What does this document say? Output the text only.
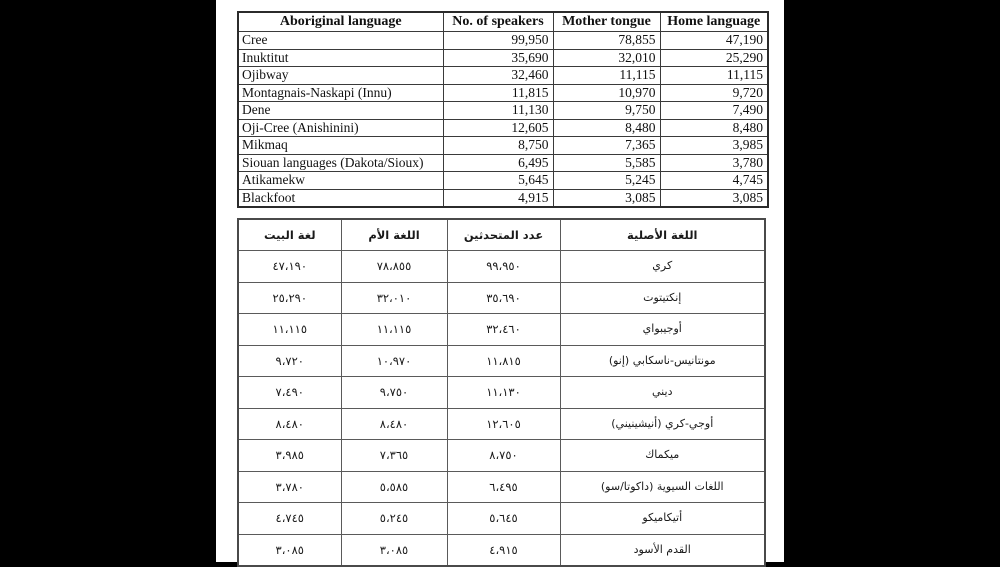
Aboriginal language	No. of speakers	Mother tongue	Home language
Cree	99,950	78,855	47,190
Inuktitut	35,690	32,010	25,290
Ojibway	32,460	11,115	11,115
Montagnais-Naskapi (Innu)	11,815	10,970	9,720
Dene	11,130	9,750	7,490
Oji-Cree (Anishinini)	12,605	8,480	8,480
Mikmaq	8,750	7,365	3,985
Siouan languages (Dakota/Sioux)	6,495	5,585	3,780
Atikamekw	5,645	5,245	4,745
Blackfoot	4,915	3,085	3,085
اللغة الأصلية	عدد المتحدثين	اللغة الأم	لغة البيت
كري	٩٩،٩٥٠	٧٨،٨٥٥	٤٧،١٩٠
إنكتيتوت	٣٥،٦٩٠	٣٢،٠١٠	٢٥،٢٩٠
أوجيبواي	٣٢،٤٦٠	١١،١١٥	١١،١١٥
مونتانيس-ناسكابي (إنو)	١١،٨١٥	١٠،٩٧٠	٩،٧٢٠
ديني	١١،١٣٠	٩،٧٥٠	٧،٤٩٠
أوجي-كري (أنيشينيني)	١٢،٦٠٥	٨،٤٨٠	٨،٤٨٠
ميكماك	٨،٧٥٠	٧،٣٦٥	٣،٩٨٥
اللغات السيوية (داكوتا/سو)	٦،٤٩٥	٥،٥٨٥	٣،٧٨٠
أتيكاميكو	٥،٦٤٥	٥،٢٤٥	٤،٧٤٥
القدم الأسود	٤،٩١٥	٣،٠٨٥	٣،٠٨٥
